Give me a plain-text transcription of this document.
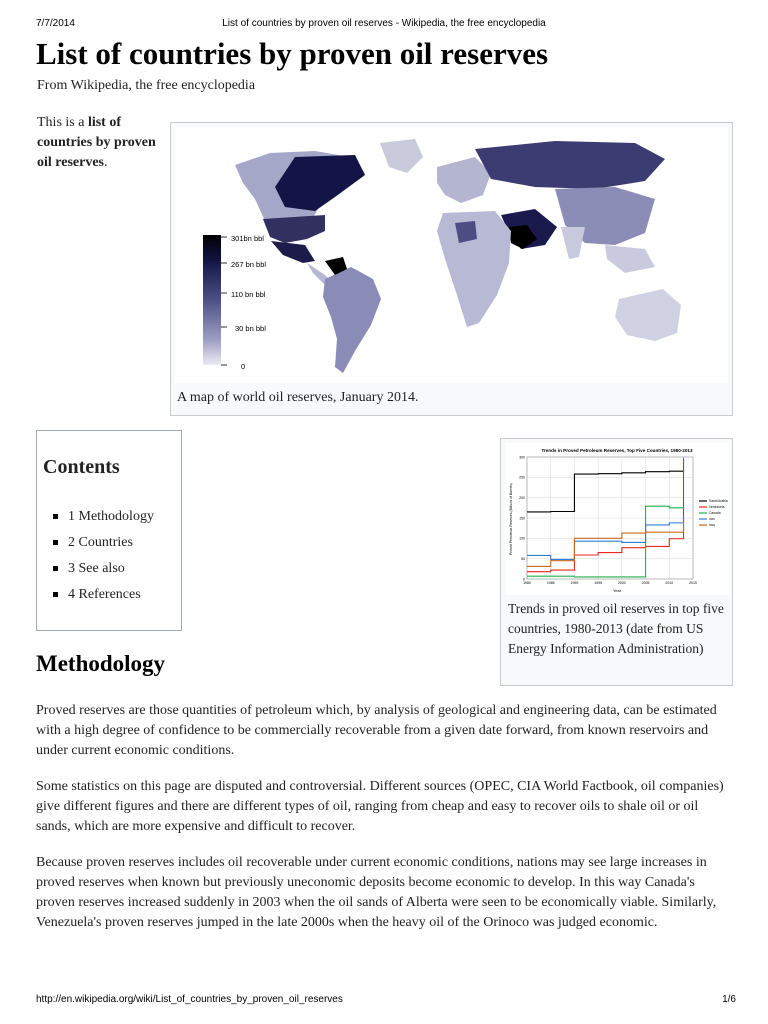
7/7/2014	List of countries by proven oil reserves - Wikipedia, the free encyclopedia
List of countries by proven oil reserves
From Wikipedia, the free encyclopedia
This is a list of countries by proven oil reserves.
301bn bbl
267 bn bbl
110 bn bbl
30 bn bbl
0
A map of world oil reserves, January 2014.
Contents
1 Methodology
2 Countries
3 See also
4 References
Trends in Proved Petroleum Reserves, Top Five Countries, 1980-2013
Year
Proved Petroleum Reserves (Billions of Barrels)
0
50
100
150
200
250
300
1980	1985	1990	1995	2000	2005	2010	2015
Saudi Arabia
Venezuela
Canada
Iran
Iraq
Trends in proved oil reserves in top five countries, 1980-2013 (date from US Energy Information Administration)
Methodology

Proved reserves are those quantities of petroleum which, by analysis of geological and engineering data, can be estimated with a high degree of confidence to be commercially recoverable from a given date forward, from known reservoirs and under current economic conditions.

Some statistics on this page are disputed and controversial. Different sources (OPEC, CIA World Factbook, oil companies) give different figures and there are different types of oil, ranging from cheap and easy to recover oils to shale oil or oil sands, which are more expensive and difficult to recover.

Because proven reserves includes oil recoverable under current economic conditions, nations may see large increases in proved reserves when known but previously uneconomic deposits become economic to develop. In this way Canada's proven reserves increased suddenly in 2003 when the oil sands of Alberta were seen to be economically viable. Similarly, Venezuela's proven reserves jumped in the late 2000s when the heavy oil of the Orinoco was judged economic.

http://en.wikipedia.org/wiki/List_of_countries_by_proven_oil_reserves	1/6
